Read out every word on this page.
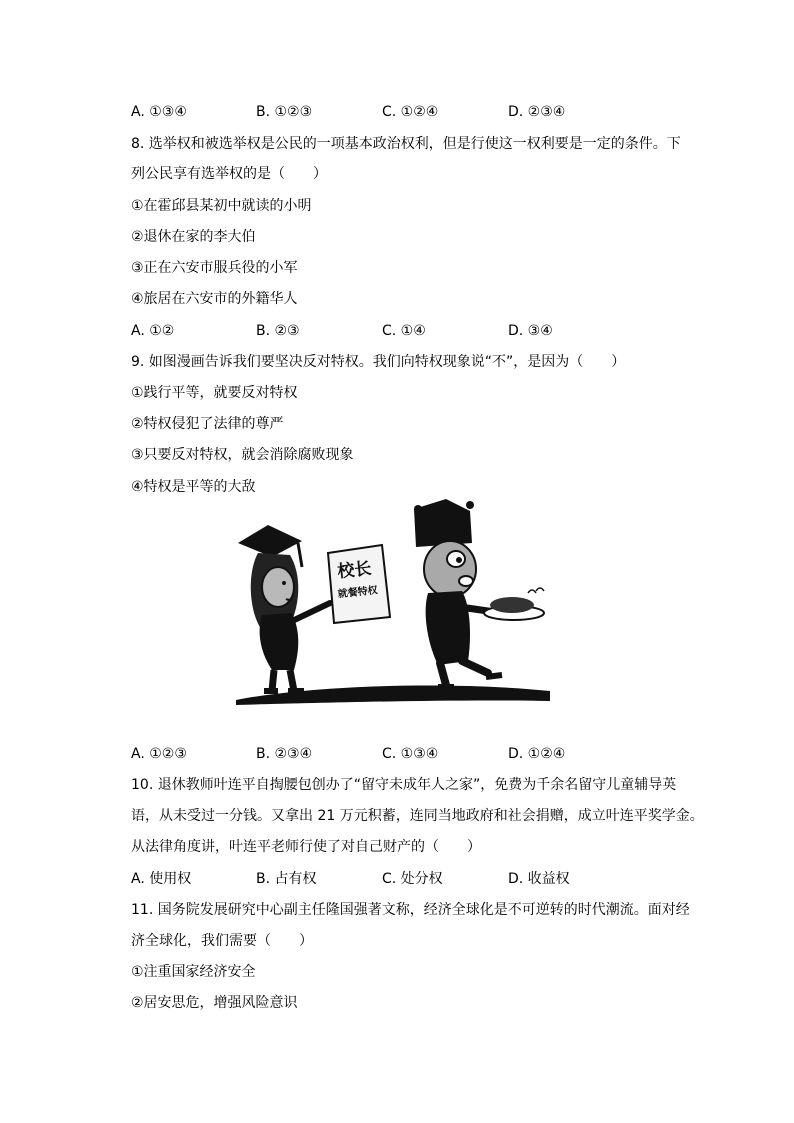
A. ①③④	B. ①②③	C. ①②④	D. ②③④
8. 选举权和被选举权是公民的一项基本政治权利，但是行使这一权利要是一定的条件。下
列公民享有选举权的是（　　）
①在霍邱县某初中就读的小明
②退休在家的李大伯
③正在六安市服兵役的小军
④旅居在六安市的外籍华人
A. ①②	B. ②③	C. ①④	D. ③④
9. 如图漫画告诉我们要坚决反对特权。我们向特权现象说“不”，是因为（　　）
①践行平等，就要反对特权
②特权侵犯了法律的尊严
③只要反对特权，就会消除腐败现象
④特权是平等的大敌
校长
就餐特权
A. ①②③	B. ②③④	C. ①③④	D. ①②④
10. 退休教师叶连平自掏腰包创办了“留守未成年人之家”，免费为千余名留守儿童辅导英
语，从未受过一分钱。又拿出 21 万元积蓄，连同当地政府和社会捐赠，成立叶连平奖学金。
从法律角度讲，叶连平老师行使了对自己财产的（　　）
A. 使用权	B. 占有权	C. 处分权	D. 收益权
11. 国务院发展研究中心副主任隆国强著文称，经济全球化是不可逆转的时代潮流。面对经
济全球化，我们需要（　　）
①注重国家经济安全
②居安思危，增强风险意识
